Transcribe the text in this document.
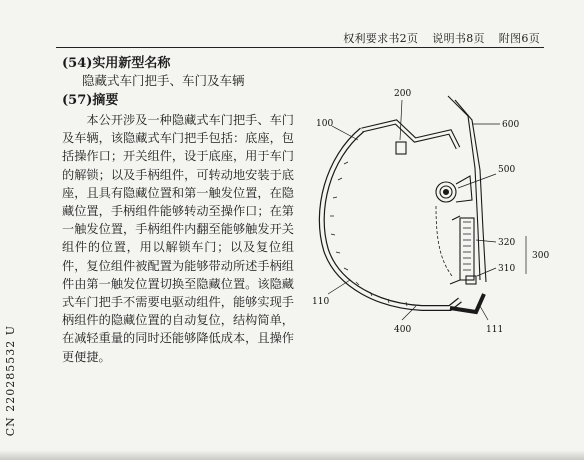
权利要求书2页 说明书8页 附图6页
(54)实用新型名称
隐藏式车门把手、车门及车辆
(57)摘要

本公开涉及一种隐藏式车门把手、车门及车辆，该隐藏式车门把手包括：底座，包括操作口；开关组件，设于底座，用于车门的解锁；以及手柄组件，可转动地安装于底座，且具有隐藏位置和第一触发位置，在隐藏位置，手柄组件能够转动至操作口；在第一触发位置，手柄组件内翻至能够触发开关组件的位置，用以解锁车门；以及复位组件，复位组件被配置为能够带动所述手柄组件由第一触发位置切换至隐藏位置。该隐藏式车门把手不需要电驱动组件，能够实现手柄组件的隐藏位置的自动复位，结构简单，在减轻重量的同时还能够降低成本，且操作更便捷。

CN 220285532 U
200
100	600
500
320
300
310
110
400	111
